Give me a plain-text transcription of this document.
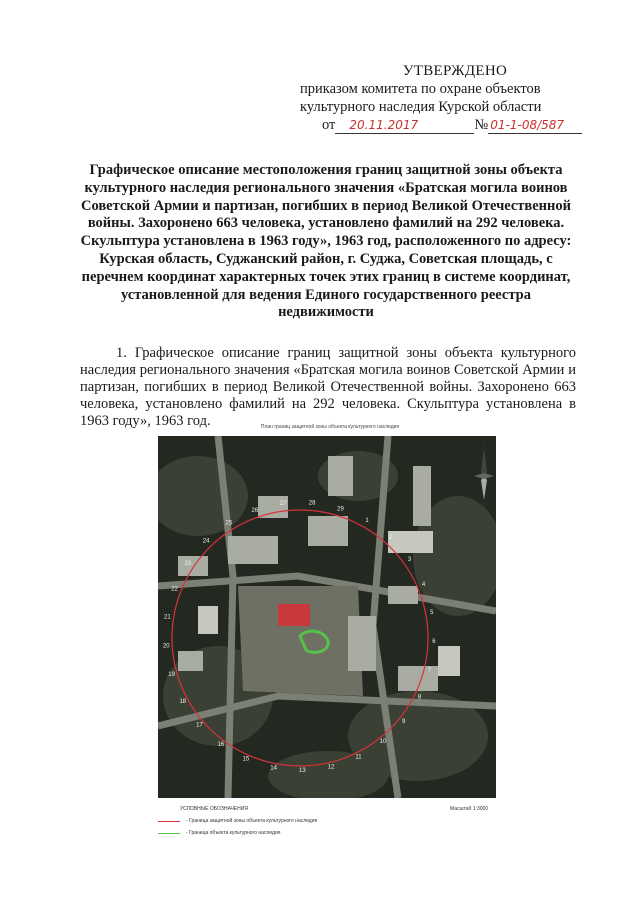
УТВЕРЖДЕНО
приказом комитета по охране объектов
культурного наследия Курской области
от	20.11.2017	№ 01-1-08/587
Графическое описание местоположения границ защитной зоны объекта культурного наследия регионального значения «Братская могила воинов Советской Армии и партизан, погибших в период Великой Отечественной войны. Захоронено 663 человека, установлено фамилий на 292 человека. Скульптура установлена в 1963 году», 1963 год, расположенного по адресу: Курская область, Суджанский район, г. Суджа, Советская площадь, с перечнем координат характерных точек этих границ в системе координат, установленной для ведения Единого государственного реестра недвижимости
1. Графическое описание границ защитной зоны объекта культурного наследия регионального значения «Братская могила воинов Советской Армии и партизан, погибших в период Великой Отечественной войны. Захоронено 663 человека, установлено фамилий на 292 человека. Скульптура установлена в 1963 году», 1963 год.	План границ защитной зоны объекта культурного наследия
1
2
3
4
5
6
7
8
9
10
11
12
13
14
15
16
17
18
19
20
21
22
23
24
25
26
27	28
29
С
Ю
УСЛОВНЫЕ ОБОЗНАЧЕНИЯ	Масштаб 1:3000
- Граница защитной зоны объекта культурного наследия
- Граница объекта культурного наследия
